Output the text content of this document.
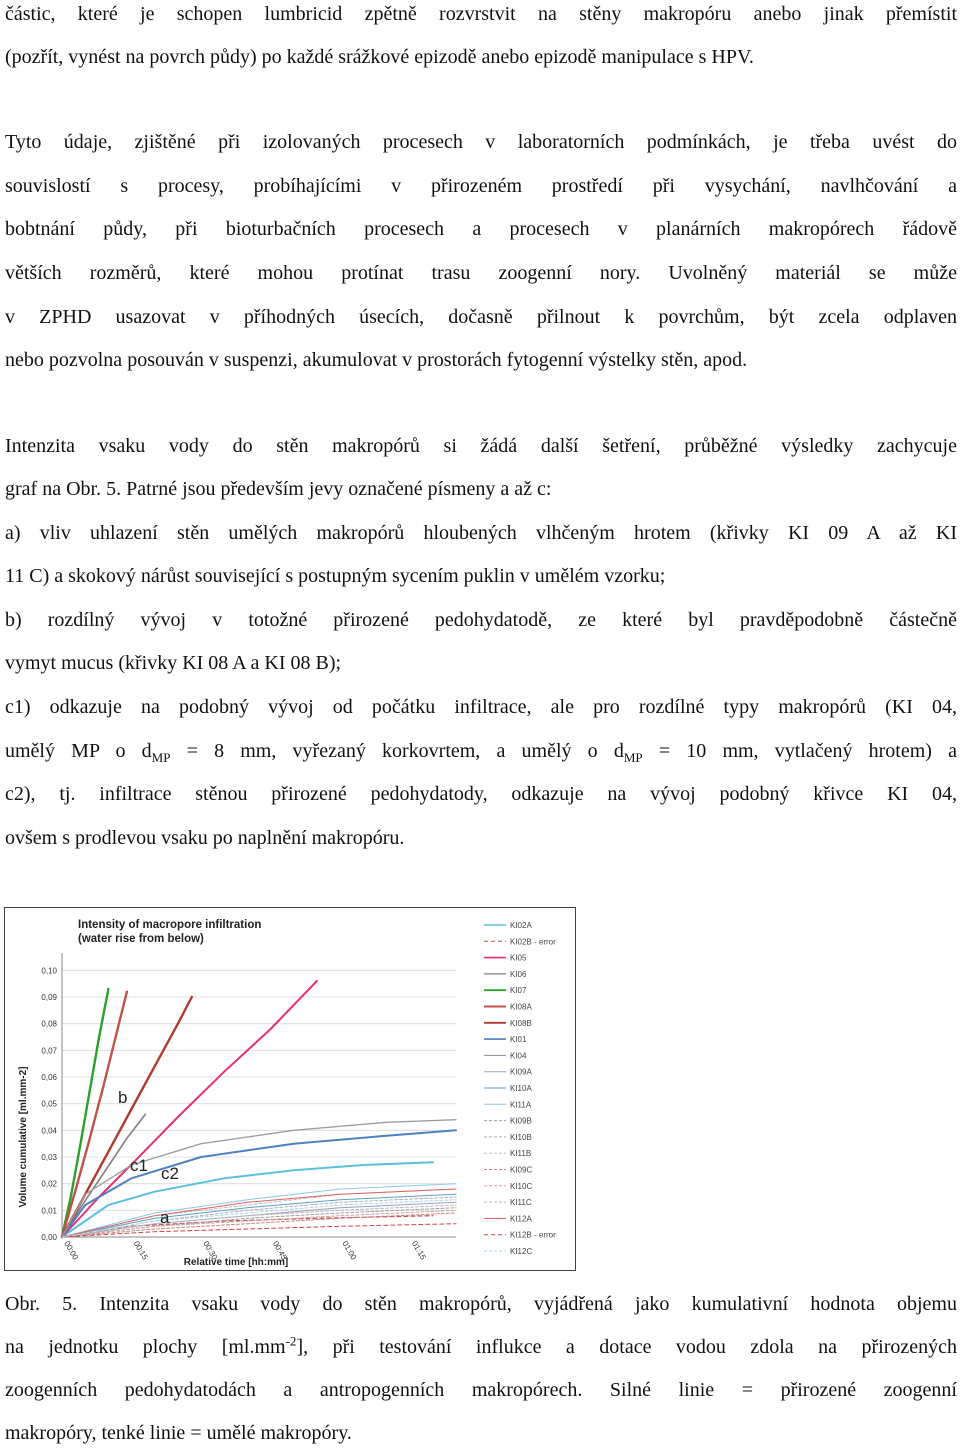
částic, které je schopen lumbricid zpětně rozvrstvit na stěny makropóru anebo jinak přemístit
(pozřít, vynést na povrch půdy) po každé srážkové epizodě anebo epizodě manipulace s HPV.
Tyto údaje, zjištěné při izolovaných procesech v laboratorních podmínkách, je třeba uvést do
souvislostí s procesy, probíhajícími v přirozeném prostředí při vysychání, navlhčování a
bobtnání půdy, při bioturbačních procesech a procesech v planárních makropórech řádově
větších rozměrů, které mohou protínat trasu zoogenní nory. Uvolněný materiál se může
v ZPHD usazovat v příhodných úsecích, dočasně přilnout k povrchům, být zcela odplaven
nebo pozvolna posouván v suspenzi, akumulovat v prostorách fytogenní výstelky stěn, apod.
Intenzita vsaku vody do stěn makropórů si žádá další šetření, průběžné výsledky zachycuje
graf na Obr. 5. Patrné jsou především jevy označené písmeny a až c:
a) vliv uhlazení stěn umělých makropórů hloubených vlhčeným hrotem (křivky KI 09 A až KI
11 C) a skokový nárůst související s postupným sycením puklin v umělém vzorku;
b) rozdílný vývoj v totožné přirozené pedohydatodě, ze které byl pravděpodobně částečně
vymyt mucus (křivky KI 08 A a KI 08 B);
c1) odkazuje na podobný vývoj od počátku infiltrace, ale pro rozdílné typy makropórů (KI 04,
umělý MP o $d_{MP} = 8$ mm, vyřezaný korkovrtem, a umělý o $d_{MP} = 10$ mm, vytlačený hrotem) a
c2), tj. infiltrace stěnou přirozené pedohydatody, odkazuje na vývoj podobný křivce KI 04,
ovšem s prodlevou vsaku po naplnění makropóru.
Intensity of macropore infiltration
(water rise from below)
0,00
0,01
0,02
0,03
0,04
0,05
0,06
0,07
0,08
0,09
0,10
00:00	00:15	00:30	00:45	01:00	01:15
KI02A
KI02B - error
KI05
KI06
KI07
KI08A
KI08B
KI01
KI04
KI09A
KI10A
KI11A
KI09B
KI10B
KI11B
KI09C
KI10C
KI11C
KI12A
KI12B - error
KI12C
Volume cumulative [ml.mm-2]
Relative time [hh:mm]
b
c1 c2
a
Obr. 5. Intenzita vsaku vody do stěn makropórů, vyjádřená jako kumulativní hodnota objemu
na jednotku plochy $[ml.mm^{-2}]$, při testování influkce a dotace vodou zdola na přirozených
zoogenních pedohydatodách a antropogenních makropórech. Silné linie = přirozené zoogenní
makropóry, tenké linie = umělé makropóry.
